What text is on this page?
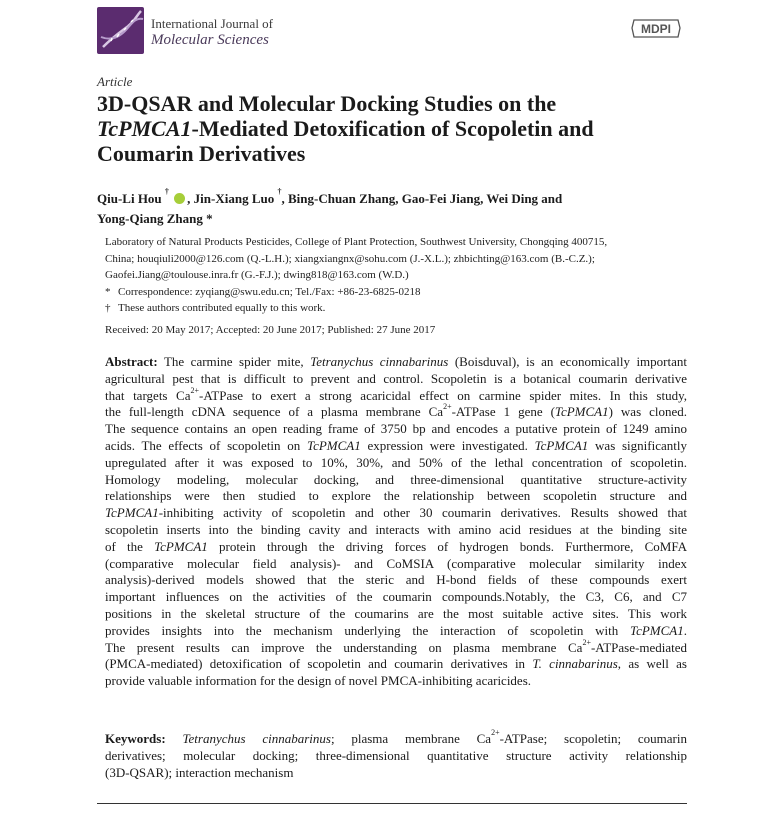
International Journal of
Molecular Sciences
MDPI
Article
3D-QSAR and Molecular Docking Studies on the
TcPMCA1-Mediated Detoxification of Scopoletin and
Coumarin Derivatives
Qiu-Li Hou † , Jin-Xiang Luo †, Bing-Chuan Zhang, Gao-Fei Jiang, Wei Ding and
Yong-Qiang Zhang *
Laboratory of Natural Products Pesticides, College of Plant Protection, Southwest University, Chongqing 400715,
China; houqiuli2000@126.com (Q.-L.H.); xiangxiangnx@sohu.com (J.-X.L.); zhbichting@163.com (B.-C.Z.);
Gaofei.Jiang@toulouse.inra.fr (G.-F.J.); dwing818@163.com (W.D.)
* Correspondence: zyqiang@swu.edu.cn; Tel./Fax: +86-23-6825-0218
† These authors contributed equally to this work.
Received: 20 May 2017; Accepted: 20 June 2017; Published: 27 June 2017
Abstract: The carmine spider mite, Tetranychus cinnabarinus (Boisduval), is an economically important
agricultural pest that is difficult to prevent and control. Scopoletin is a botanical coumarin derivative
that targets $Ca^{2+}$-ATPase to exert a strong acaricidal effect on carmine spider mites. In this study,
the full-length cDNA sequence of a plasma membrane $Ca^{2+}$-ATPase 1 gene (TcPMCA1) was cloned.
The sequence contains an open reading frame of 3750 bp and encodes a putative protein of 1249 amino
acids. The effects of scopoletin on TcPMCA1 expression were investigated. TcPMCA1 was significantly
upregulated after it was exposed to 10%, 30%, and 50% of the lethal concentration of scopoletin.
Homology modeling, molecular docking, and three-dimensional quantitative structure-activity
relationships were then studied to explore the relationship between scopoletin structure and
TcPMCA1-inhibiting activity of scopoletin and other 30 coumarin derivatives. Results showed that
scopoletin inserts into the binding cavity and interacts with amino acid residues at the binding site
of the TcPMCA1 protein through the driving forces of hydrogen bonds. Furthermore, CoMFA
(comparative molecular field analysis)- and CoMSIA (comparative molecular similarity index
analysis)-derived models showed that the steric and H-bond fields of these compounds exert
important influences on the activities of the coumarin compounds.Notably, the C3, C6, and C7
positions in the skeletal structure of the coumarins are the most suitable active sites. This work
provides insights into the mechanism underlying the interaction of scopoletin with TcPMCA1.
The present results can improve the understanding on plasma membrane $Ca^{2+}-ATPase$-mediated
(PMCA-mediated) detoxification of scopoletin and coumarin derivatives in T. cinnabarinus, as well as
provide valuable information for the design of novel PMCA-inhibiting acaricides.
Keywords: Tetranychus cinnabarinus; plasma membrane $Ca^{2+}$-ATPase; scopoletin; coumarin
derivatives; molecular docking; three-dimensional quantitative structure activity relationship
(3D-QSAR); interaction mechanism
